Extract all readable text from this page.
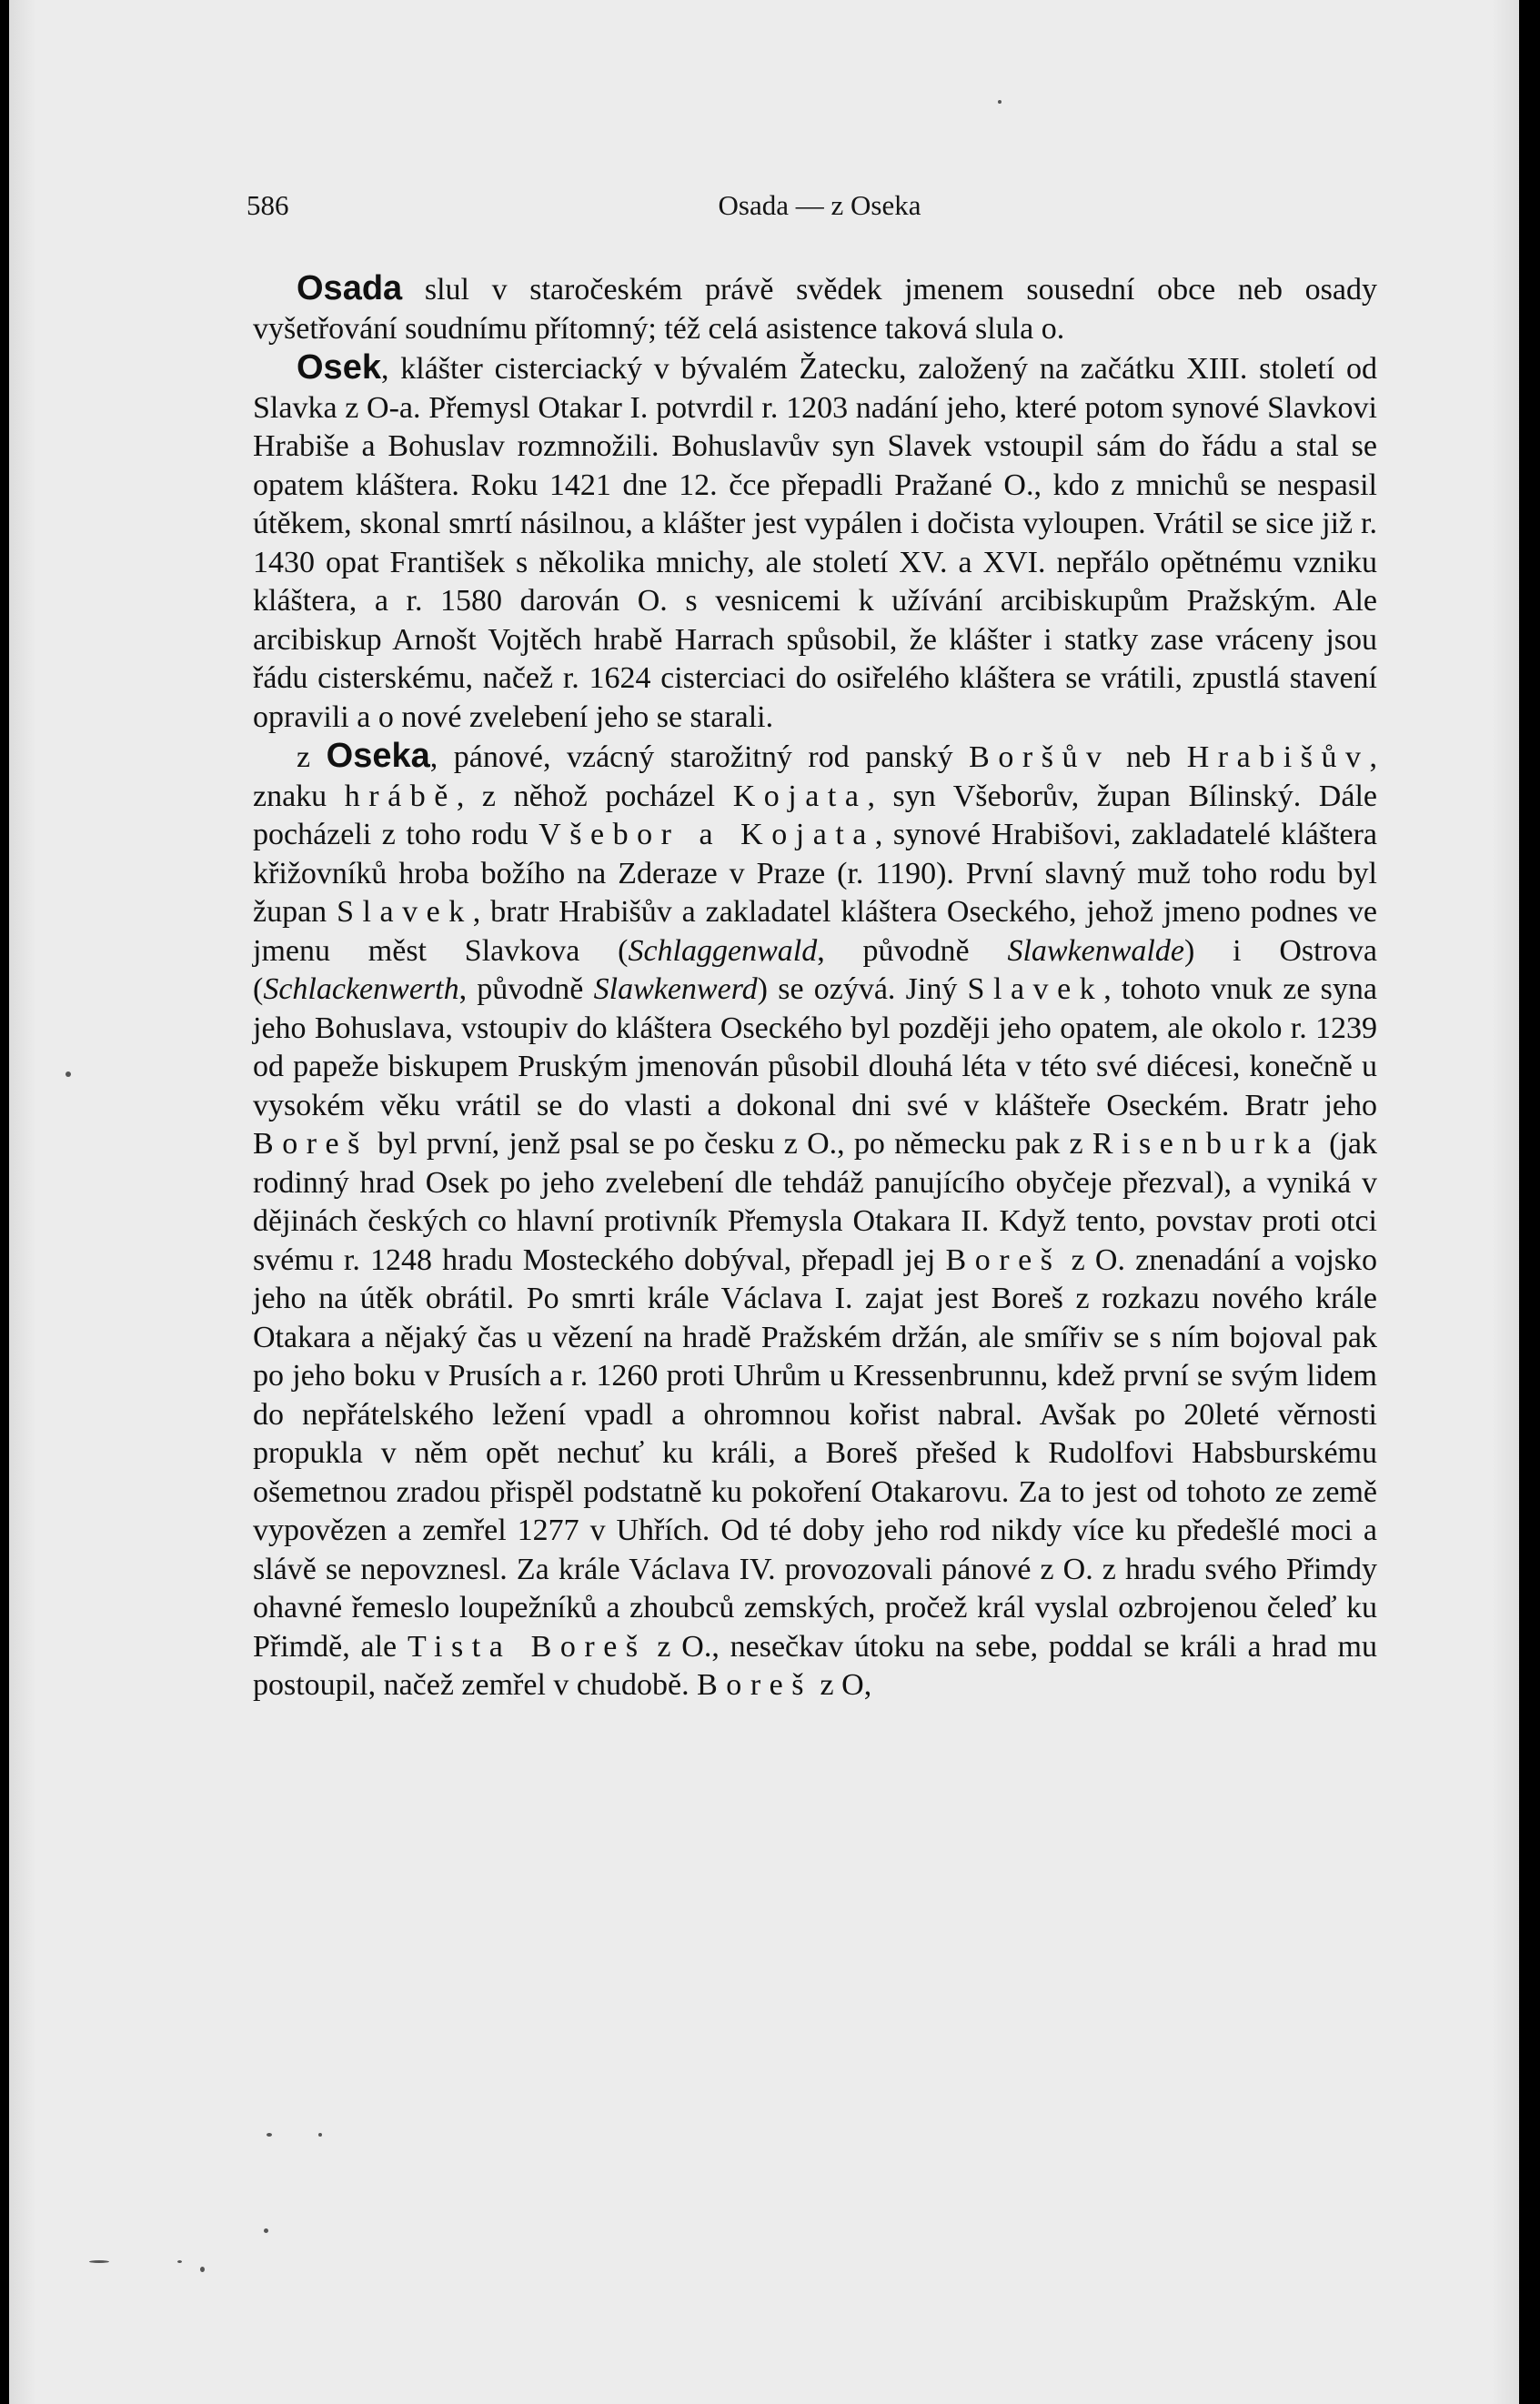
586	Osada — z Oseka

Osada slul v staročeském právě svědek jmenem sousední obce neb osady vyšetřování soudnímu přítomný; též celá asistence taková slula o.

Osek, klášter cisterciacký v bývalém Žatecku, založený na začátku XIII. století od Slavka z O-a. Přemysl Otakar I. potvrdil r. 1203 nadání jeho, které potom synové Slavkovi Hrabiše a Bohuslav rozmnožili. Bohuslavův syn Slavek vstoupil sám do řádu a stal se opatem kláštera. Roku 1421 dne 12. čce přepadli Pražané O., kdo z mnichů se nespasil útěkem, skonal smrtí násilnou, a klášter jest vypálen i dočista vyloupen. Vrátil se sice již r. 1430 opat František s několika mnichy, ale století XV. a XVI. nepřálo opětnému vzniku kláštera, a r. 1580 darován O. s vesnicemi k užívání arcibiskupům Pražským. Ale arcibiskup Arnošt Vojtěch hrabě Harrach spůsobil, že klášter i statky zase vráceny jsou řádu cisterskému, načež r. 1624 cisterciaci do osiřelého kláštera se vrátili, zpustlá stavení opravili a o nové zvelebení jeho se starali.

z Oseka, pánové, vzácný starožitný rod panský Boršův neb Hrabišův, znaku hrábě, z něhož pocházel Kojata, syn Všeborův, župan Bílinský. Dále pocházeli z toho rodu Všebor a Kojata, synové Hrabišovi, zakladatelé kláštera křižovníků hroba božího na Zderaze v Praze (r. 1190). První slavný muž toho rodu byl župan Slavek, bratr Hrabišův a zakladatel kláštera Oseckého, jehož jmeno podnes ve jmenu měst Slavkova (Schlaggenwald, původně Slawkenwalde) i Ostrova (Schlackenwerth, původně Slawkenwerd) se ozývá. Jiný Slavek, tohoto vnuk ze syna jeho Bohuslava, vstoupiv do kláštera Oseckého byl později jeho opatem, ale okolo r. 1239 od papeže biskupem Pruským jmenován působil dlouhá léta v této své diécesi, konečně u vysokém věku vrátil se do vlasti a dokonal dni své v klášteře Oseckém. Bratr jeho Boreš byl první, jenž psal se po česku z O., po německu pak z Risenburka (jak rodinný hrad Osek po jeho zvelebení dle tehdáž panujícího obyčeje přezval), a vyniká v dějinách českých co hlavní protivník Přemysla Otakara II. Když tento, povstav proti otci svému r. 1248 hradu Mosteckého dobýval, přepadl jej Boreš z O. znenadání a vojsko jeho na útěk obrátil. Po smrti krále Václava I. zajat jest Boreš z rozkazu nového krále Otakara a nějaký čas u vězení na hradě Pražském držán, ale smířiv se s ním bojoval pak po jeho boku v Prusích a r. 1260 proti Uhrům u Kressenbrunnu, kdež první se svým lidem do nepřátelského ležení vpadl a ohromnou kořist nabral. Avšak po 20leté věrnosti propukla v něm opět nechuť ku králi, a Boreš přešed k Rudolfovi Habsburskému ošemetnou zradou přispěl podstatně ku pokoření Otakarovu. Za to jest od tohoto ze země vypovězen a zemřel 1277 v Uhřích. Od té doby jeho rod nikdy více ku předešlé moci a slávě se nepovznesl. Za krále Václava IV. provozovali pánové z O. z hradu svého Přimdy ohavné řemeslo loupežníků a zhoubců zemských, pročež král vyslal ozbrojenou čeleď ku Přimdě, ale Tista Boreš z O., nesečkav útoku na sebe, poddal se králi a hrad mu postoupil, načež zemřel v chudobě. Boreš z O,
